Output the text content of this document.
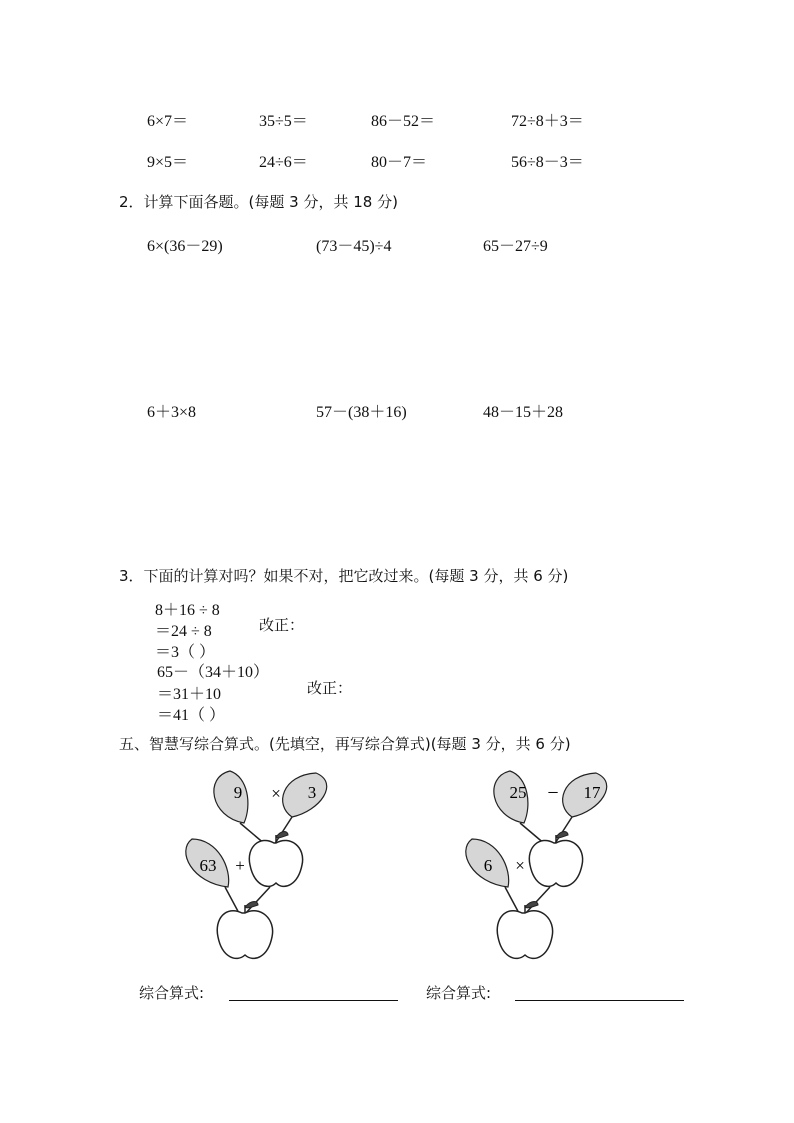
6×7＝	35÷5＝	86－52＝	72÷8＋3＝
9×5＝	24÷6＝	80－7＝	56÷8－3＝
2．计算下面各题。(每题 3 分，共 18 分)
6×(36－29)	(73－45)÷4	65－27÷9
6＋3×8	57－(38＋16)	48－15＋28
3．下面的计算对吗？如果不对，把它改过来。(每题 3 分，共 6 分)
8＋16 ÷ 8
＝24 ÷ 8
＝3（ ）
改正：
65－（34＋10）
＝31＋10
＝41（ ）
改正：
五、智慧写综合算式。(先填空，再写综合算式)(每题 3 分，共 6 分)
9 × 3
63 +
25 − 17
6 ×
综合算式:	综合算式:
